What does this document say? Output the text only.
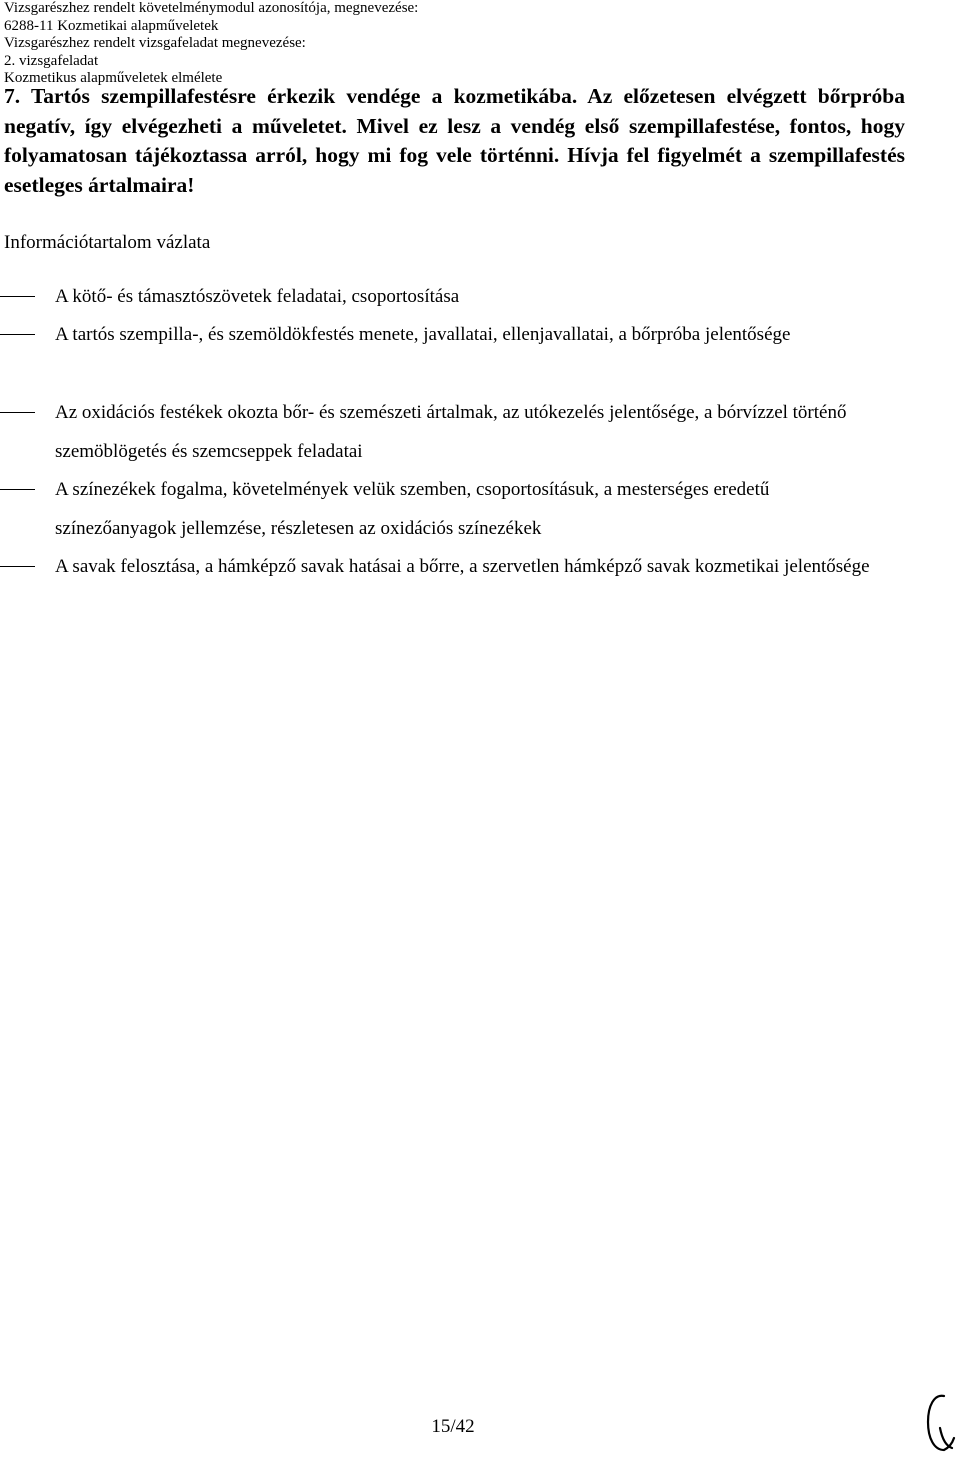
Vizsgarészhez rendelt követelménymodul azonosítója, megnevezése:
6288-11 Kozmetikai alapműveletek
Vizsgarészhez rendelt vizsgafeladat megnevezése:
2. vizsgafeladat
Kozmetikus alapműveletek elmélete

7. Tartós szempillafestésre érkezik vendége a kozmetikába. Az előzetesen elvégzett bőrpróba negatív, így elvégezheti a műveletet. Mivel ez lesz a vendég első szempillafestése, fontos, hogy folyamatosan tájékoztassa arról, hogy mi fog vele történni. Hívja fel figyelmét a szempillafestés esetleges ártalmaira!

Információtartalom vázlata

A kötő- és támasztószövetek feladatai, csoportosítása
A tartós szempilla-, és szemöldökfestés menete, javallatai, ellenjavallatai, a bőrpróba jelentősége
Az oxidációs festékek okozta bőr- és szemészeti ártalmak, az utókezelés jelentősége, a bórvízzel történő szemöblögetés és szemcseppek feladatai
A színezékek fogalma, követelmények velük szemben, csoportosításuk, a mesterséges eredetű színezőanyagok jellemzése, részletesen az oxidációs színezékek
A savak felosztása, a hámképző savak hatásai a bőrre, a szervetlen hámképző savak kozmetikai jelentősége
15/42
